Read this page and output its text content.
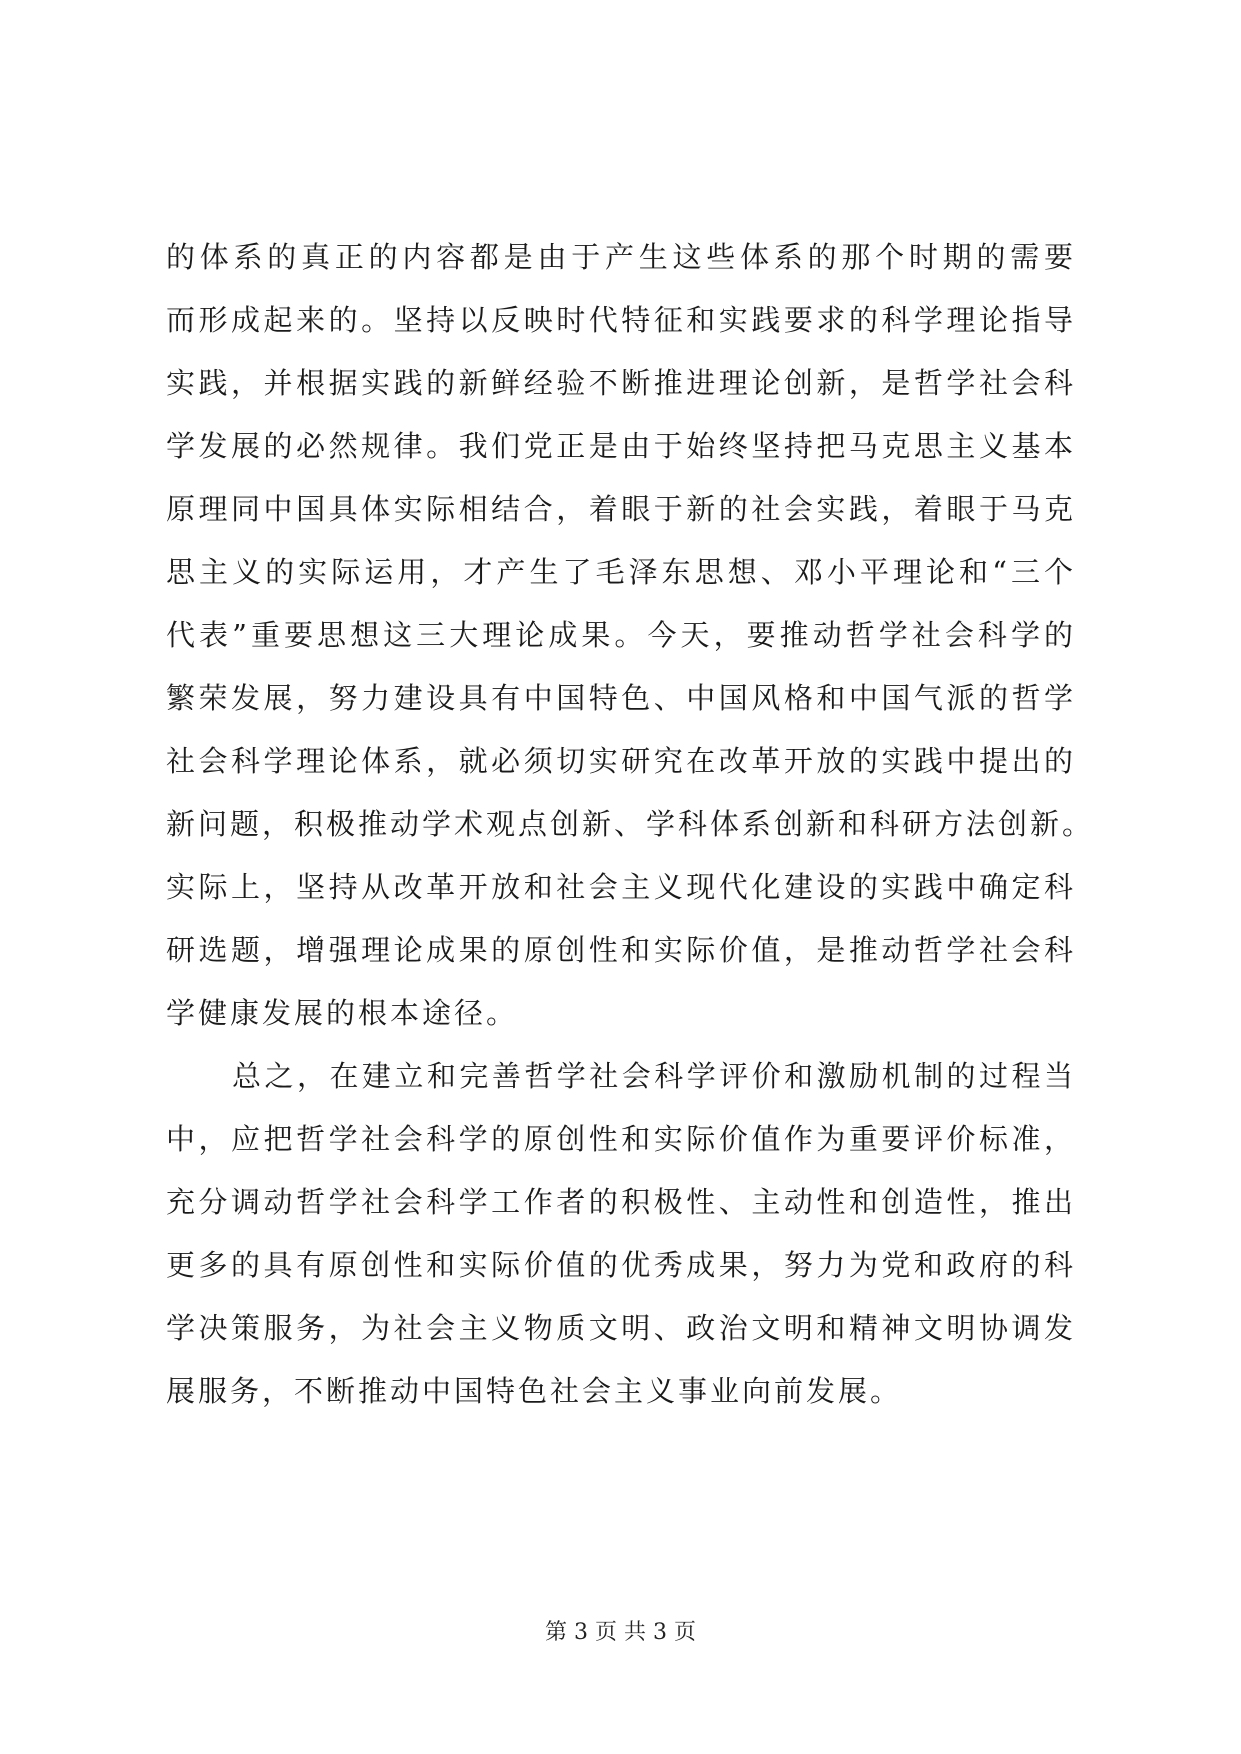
的体系的真正的内容都是由于产生这些体系的那个时期的需要
而形成起来的。坚持以反映时代特征和实践要求的科学理论指导
实践，并根据实践的新鲜经验不断推进理论创新，是哲学社会科
学发展的必然规律。我们党正是由于始终坚持把马克思主义基本
原理同中国具体实际相结合，着眼于新的社会实践，着眼于马克
思主义的实际运用，才产生了毛泽东思想、邓小平理论和“三个
代表”重要思想这三大理论成果。今天，要推动哲学社会科学的
繁荣发展，努力建设具有中国特色、中国风格和中国气派的哲学
社会科学理论体系，就必须切实研究在改革开放的实践中提出的
新问题，积极推动学术观点创新、学科体系创新和科研方法创新。
实际上，坚持从改革开放和社会主义现代化建设的实践中确定科
研选题，增强理论成果的原创性和实际价值，是推动哲学社会科
学健康发展的根本途径。
总之，在建立和完善哲学社会科学评价和激励机制的过程当
中，应把哲学社会科学的原创性和实际价值作为重要评价标准，
充分调动哲学社会科学工作者的积极性、主动性和创造性，推出
更多的具有原创性和实际价值的优秀成果，努力为党和政府的科
学决策服务，为社会主义物质文明、政治文明和精神文明协调发
展服务，不断推动中国特色社会主义事业向前发展。
第 3 页 共 3 页
